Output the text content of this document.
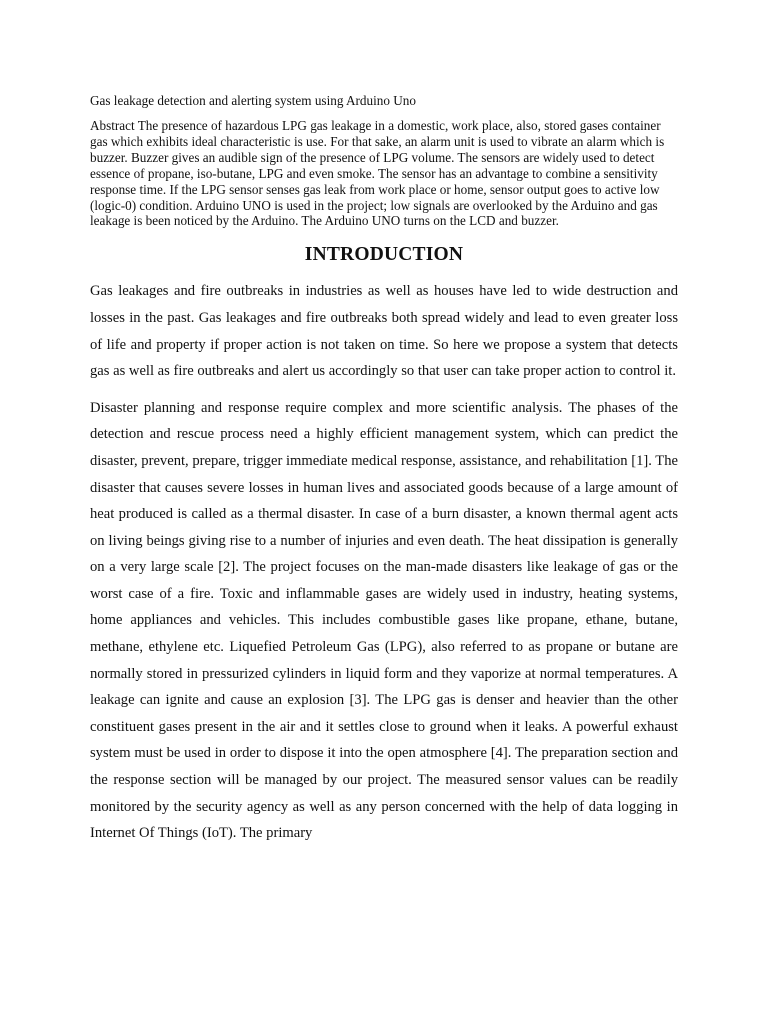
Gas leakage detection and alerting system using Arduino Uno

Abstract The presence of hazardous LPG gas leakage in a domestic, work place, also, stored gases container gas which exhibits ideal characteristic is use. For that sake, an alarm unit is used to vibrate an alarm which is buzzer. Buzzer gives an audible sign of the presence of LPG volume. The sensors are widely used to detect essence of propane, iso-butane, LPG and even smoke. The sensor has an advantage to combine a sensitivity response time. If the LPG sensor senses gas leak from work place or home, sensor output goes to active low (logic-0) condition. Arduino UNO is used in the project; low signals are overlooked by the Arduino and gas leakage is been noticed by the Arduino. The Arduino UNO turns on the LCD and buzzer.

INTRODUCTION

Gas leakages and fire outbreaks in industries as well as houses have led to wide destruction and losses in the past. Gas leakages and fire outbreaks both spread widely and lead to even greater loss of life and property if proper action is not taken on time. So here we propose a system that detects gas as well as fire outbreaks and alert us accordingly so that user can take proper action to control it.

Disaster planning and response require complex and more scientific analysis. The phases of the detection and rescue process need a highly efficient management system, which can predict the disaster, prevent, prepare, trigger immediate medical response, assistance, and rehabilitation [1]. The disaster that causes severe losses in human lives and associated goods because of a large amount of heat produced is called as a thermal disaster. In case of a burn disaster, a known thermal agent acts on living beings giving rise to a number of injuries and even death. The heat dissipation is generally on a very large scale [2]. The project focuses on the man-made disasters like leakage of gas or the worst case of a fire. Toxic and inflammable gases are widely used in industry, heating systems, home appliances and vehicles. This includes combustible gases like propane, ethane, butane, methane, ethylene etc. Liquefied Petroleum Gas (LPG), also referred to as propane or butane are normally stored in pressurized cylinders in liquid form and they vaporize at normal temperatures. A leakage can ignite and cause an explosion [3]. The LPG gas is denser and heavier than the other constituent gases present in the air and it settles close to ground when it leaks. A powerful exhaust system must be used in order to dispose it into the open atmosphere [4]. The preparation section and the response section will be managed by our project. The measured sensor values can be readily monitored by the security agency as well as any person concerned with the help of data logging in Internet Of Things (IoT). The primary
